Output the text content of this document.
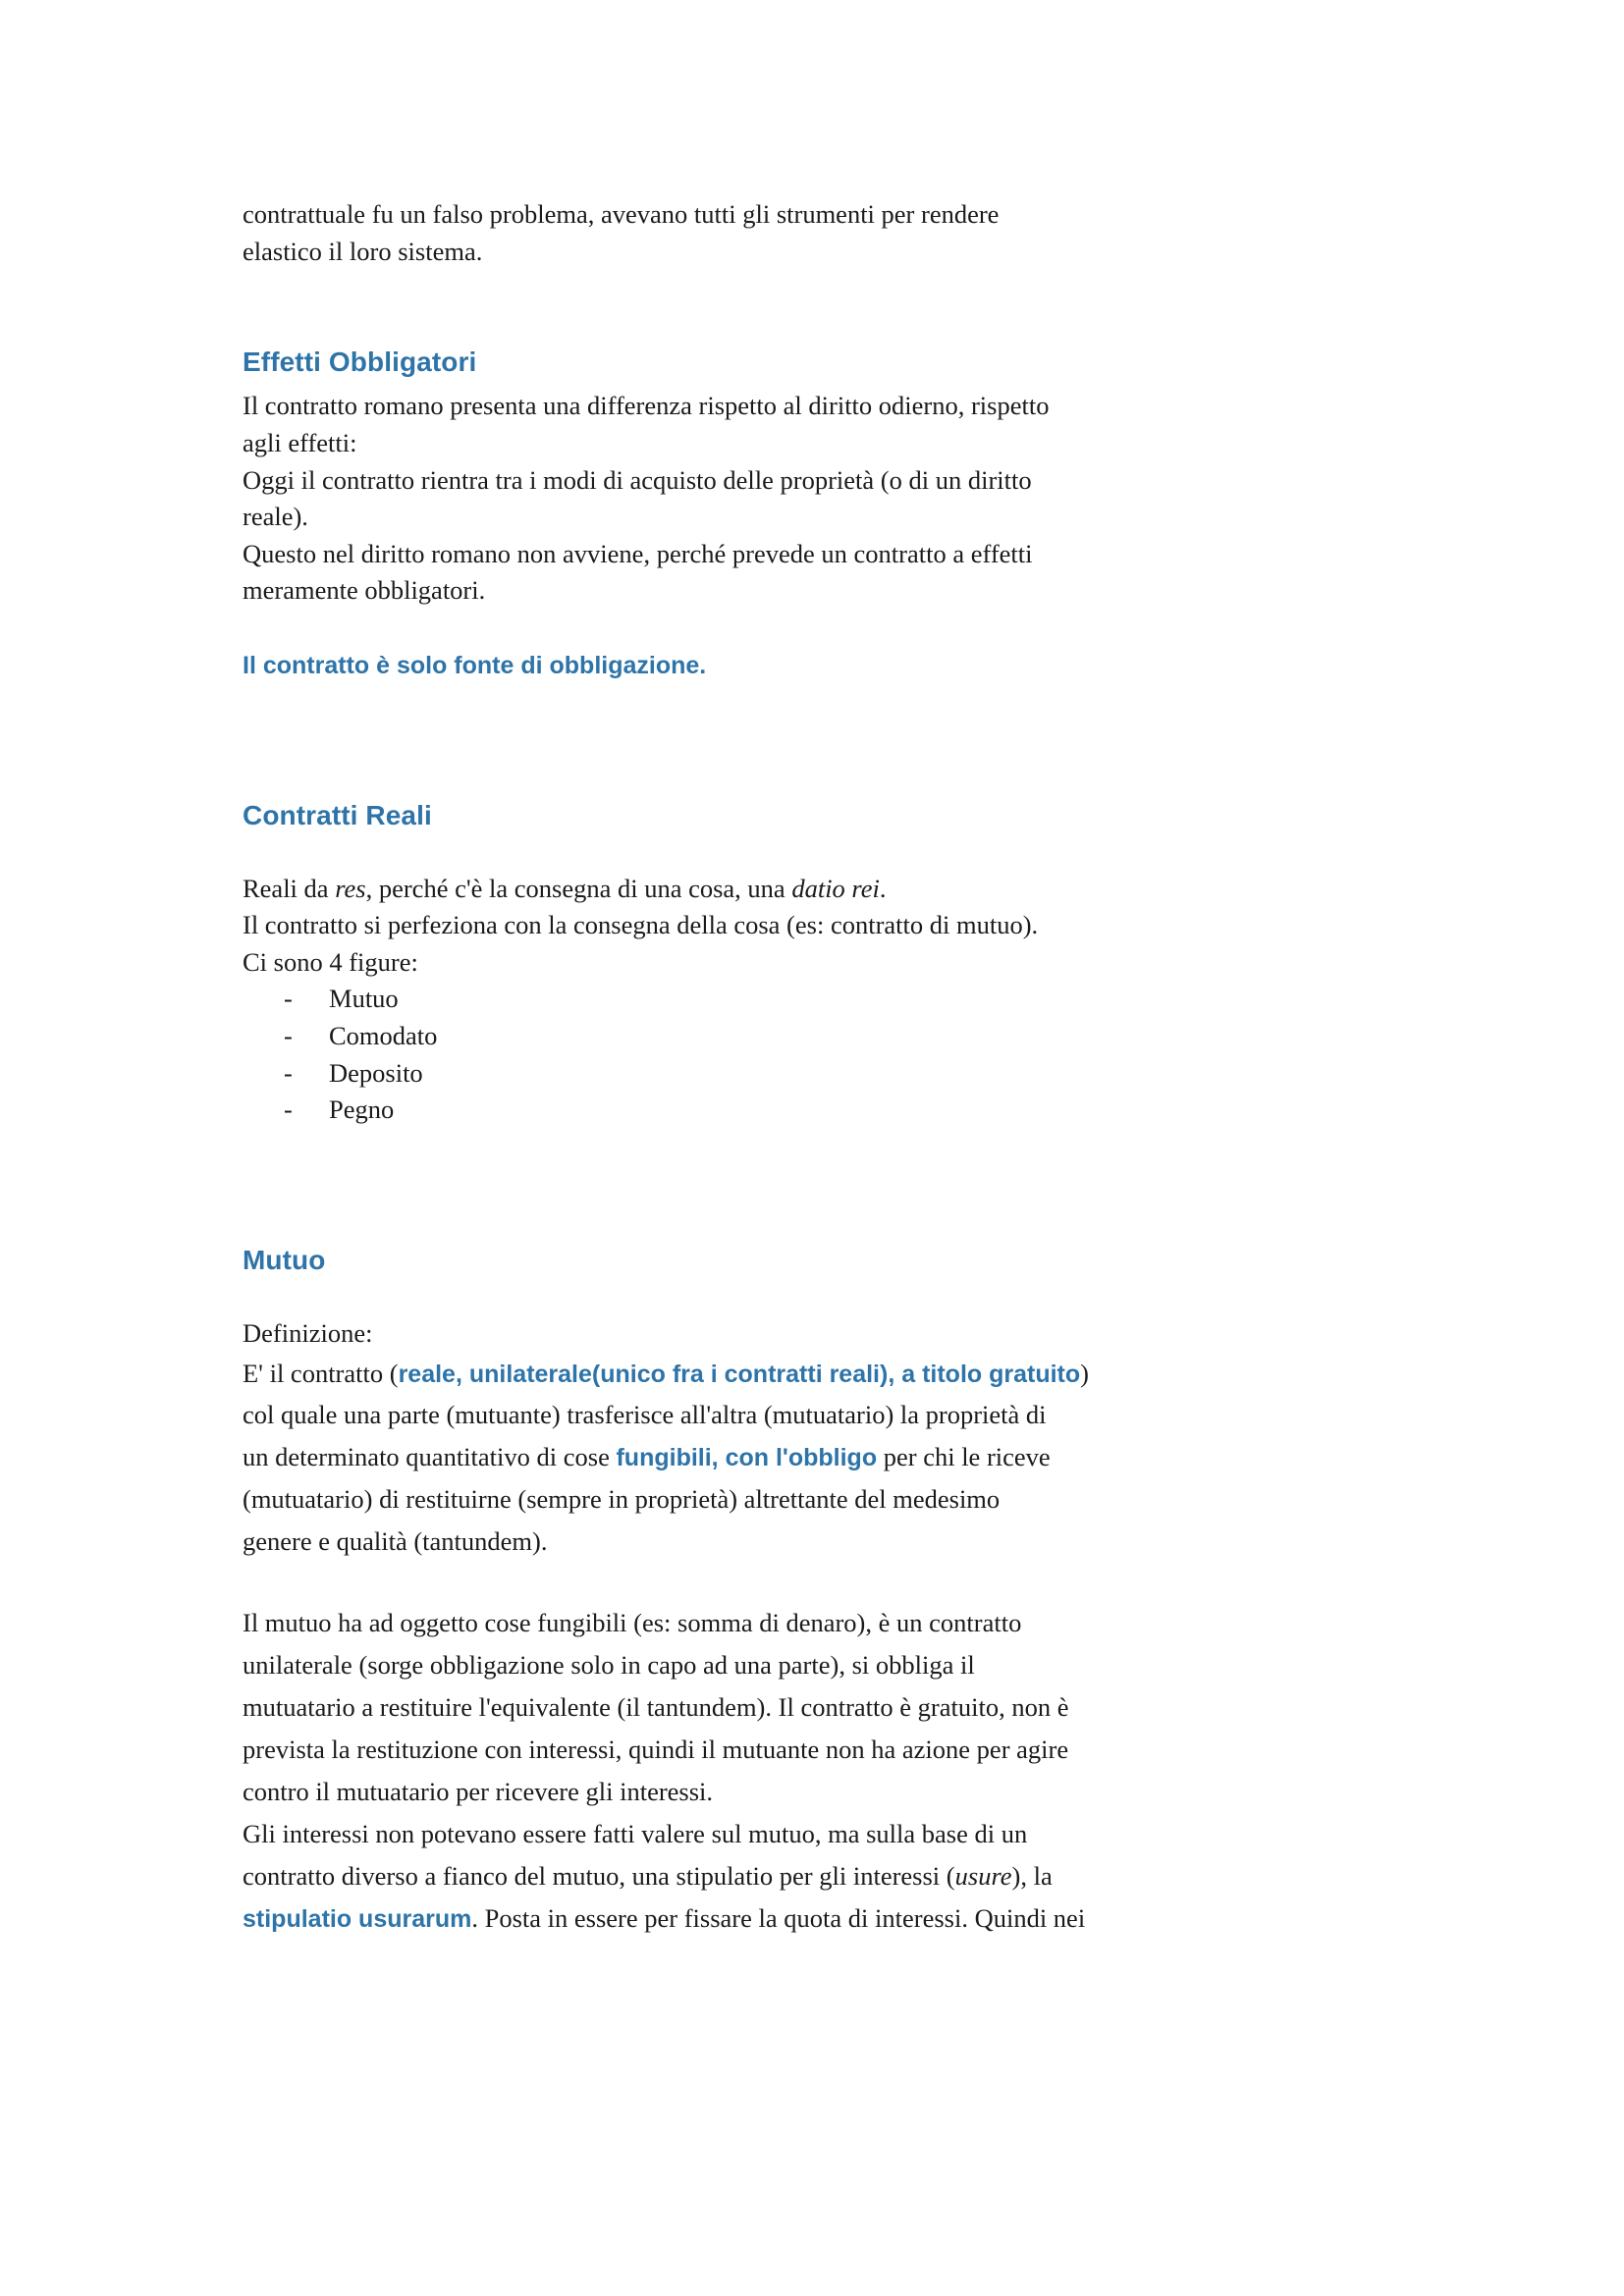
contrattuale fu un falso problema, avevano tutti gli strumenti per rendere

elastico il loro sistema.

Effetti Obbligatori

Il contratto romano presenta una differenza rispetto al diritto odierno, rispetto

agli effetti:

Oggi il contratto rientra tra i modi di acquisto delle proprietà (o di un diritto

reale).

Questo nel diritto romano non avviene, perché prevede un contratto a effetti

meramente obbligatori.

Il contratto è solo fonte di obbligazione.

Contratti Reali

Reali da res, perché c'è la consegna di una cosa, una datio rei.

Il contratto si perfeziona con la consegna della cosa (es: contratto di mutuo).

Ci sono 4 figure:

- Mutuo
- Comodato
- Deposito
- Pegno
Mutuo

Definizione:

E' il contratto (reale, unilaterale(unico fra i contratti reali), a titolo gratuito)

col quale una parte (mutuante) trasferisce all'altra (mutuatario) la proprietà di

un determinato quantitativo di cose fungibili, con l'obbligo per chi le riceve

(mutuatario) di restituirne (sempre in proprietà) altrettante del medesimo

genere e qualità (tantundem).

Il mutuo ha ad oggetto cose fungibili (es: somma di denaro), è un contratto

unilaterale (sorge obbligazione solo in capo ad una parte), si obbliga il

mutuatario a restituire l'equivalente (il tantundem). Il contratto è gratuito, non è

prevista la restituzione con interessi, quindi il mutuante non ha azione per agire

contro il mutuatario per ricevere gli interessi.

Gli interessi non potevano essere fatti valere sul mutuo, ma sulla base di un

contratto diverso a fianco del mutuo, una stipulatio per gli interessi (usure), la

stipulatio usurarum. Posta in essere per fissare la quota di interessi. Quindi nei
